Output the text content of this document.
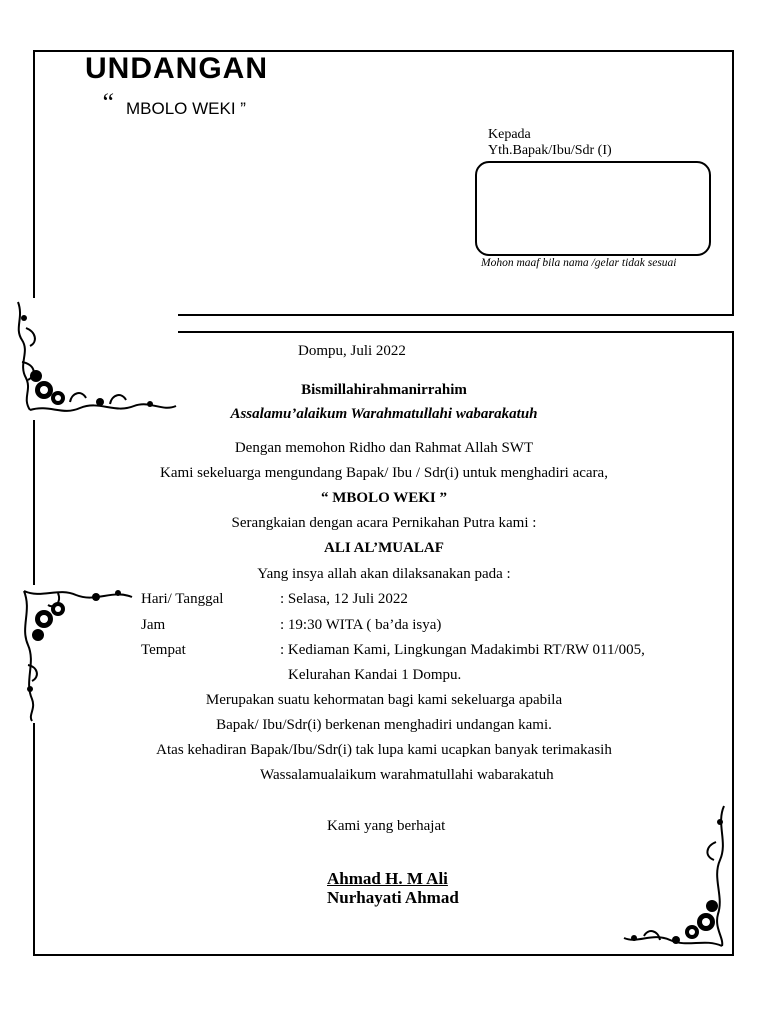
UNDANGAN
“ MBOLO WEKI ”
Kepada
Yth.Bapak/Ibu/Sdr (I)
Mohon maaf bila nama /gelar tidak sesuai
Dompu, Juli 2022
Bismillahirahmanirrahim
Assalamu’alaikum Warahmatullahi wabarakatuh
Dengan memohon Ridho dan Rahmat Allah SWT
Kami sekeluarga mengundang Bapak/ Ibu / Sdr(i) untuk menghadiri acara,
“ MBOLO WEKI ”
Serangkaian dengan acara Pernikahan Putra kami :
ALI AL’MUALAF
Yang insya allah akan dilaksanakan pada :
Hari/ Tanggal	: Selasa, 12 Juli 2022
Jam	: 19:30 WITA ( ba’da isya)
Tempat	: Kediaman Kami, Lingkungan Madakimbi RT/RW 011/005,
Kelurahan Kandai 1 Dompu.
Merupakan suatu kehormatan bagi kami sekeluarga apabila
Bapak/ Ibu/Sdr(i) berkenan menghadiri undangan kami.
Atas kehadiran Bapak/Ibu/Sdr(i) tak lupa kami ucapkan banyak terimakasih
Wassalamualaikum warahmatullahi wabarakatuh
Kami yang berhajat
Ahmad H. M Ali
Nurhayati Ahmad
